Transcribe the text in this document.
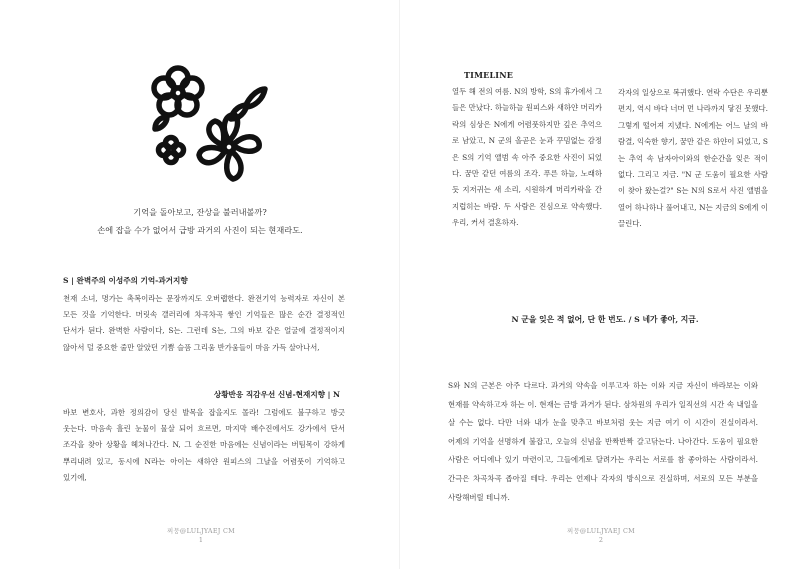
기억을 돌아보고, 잔상을 불러내볼까?
손에 잡을 수가 없어서 급방 과거의 사진이 되는 현재라도.
S | 완벽주의 이성주의 기억-과거지향
천재 소녀, 명가는 촉복이라는 문장까지도 오버랩한다. 완전기억 능력자로 자신이 본 모든 것을 기억한다. 머릿속 갤러리에 차곡차곡 쌓인 기억들은 많은 순간 결정적인 단서가 된다. 완벽한 사람이다, S는. 그런데 S는, 그의 바보 같은 얼굴에 결정적이지 않아서 덜 중요한 줄만 알았던 기쁨 슬픔 그리움 반가움들이 마음 가득 살아나서,
상황반응 직감우선 신념-현재지향 | N
바보 변호사, 과한 정의감이 당신 발목을 잡을지도 몰라! 그럼에도 불구하고 방긋 웃는다. 마음속 흘린 눈물이 물살 되어 흐르면, 마지막 배수진에서도 강가에서 단서 조각을 찾아 상황을 헤쳐나간다. N, 그 순진한 마음에는 신념이라는 버팀목이 강하게 뿌리내려 있고, 동시에 N라는 아이는 새하얀 원피스의 그날을 어렴풋이 기억하고 있기에,
찌뭉@LULJYAEJ CM
1
TIMELINE
열두 해 전의 여름. N의 방학, S의 휴가에서 그들은 만났다. 하늘하늘 원피스와 새하얀 머리카락의 심상은 N에게 어렴풋하지만 깊은 추억으로 남았고, N 군의 올곧은 눈과 꾸밈없는 감정은 S의 기억 앨범 속 아주 중요한 사진이 되었다. 꿈만 같던 여름의 조각. 푸른 하늘, 노래하듯 지저귀는 새 소리, 시원하게 머리카락을 간지럽히는 바람. 두 사람은 진심으로 약속했다. 우리, 커서 결혼하자.
각자의 일상으로 복귀했다. 연락 수단은 우리뿐 편지, 역시 바다 너머 먼 나라까지 닿진 못했다. 그렇게 떨어져 지냈다. N에게는 어느 날의 바람결, 익숙한 향기, 꿈만 같은 하얀이 되었고, S는 추억 속 남자아이와의 한순간을 잊은 적이 없다. 그리고 지금. "N 군 도움이 필요한 사람이 찾아 왔는걸?" S는 N의 S로서 사진 앨범을 열어 하나하나 풀어내고, N는 지금의 S에게 이끌린다.
N 군을 잊은 적 없어, 단 한 번도. / S 네가 좋아, 지금.
S와 N의 근본은 아주 다르다. 과거의 약속을 이루고자 하는 이와 지금 자신이 바라보는 이와 현재를 약속하고자 하는 이. 현재는 금방 과거가 된다. 삼차원의 우리가 일직선의 시간 속 내일을 살 수는 없다. 다만 너와 내가 눈을 맞추고 바보처럼 웃는 지금 여기 이 시간이 진실이라서. 어제의 기억을 선명하게 불잡고, 오늘의 신념을 반짝반짝 갈고닦는다. 나아간다. 도움이 필요한 사람은 어디에나 있기 마련이고, 그들에게로 달려가는 우리는 서로를 참 좋아하는 사람이라서. 간극은 차곡차곡 좁아질 테다. 우리는 언제나 각자의 방식으로 진실하며, 서로의 모든 부분을 사랑해버릴 테니까.
찌뭉@LULJYAEJ CM
2
